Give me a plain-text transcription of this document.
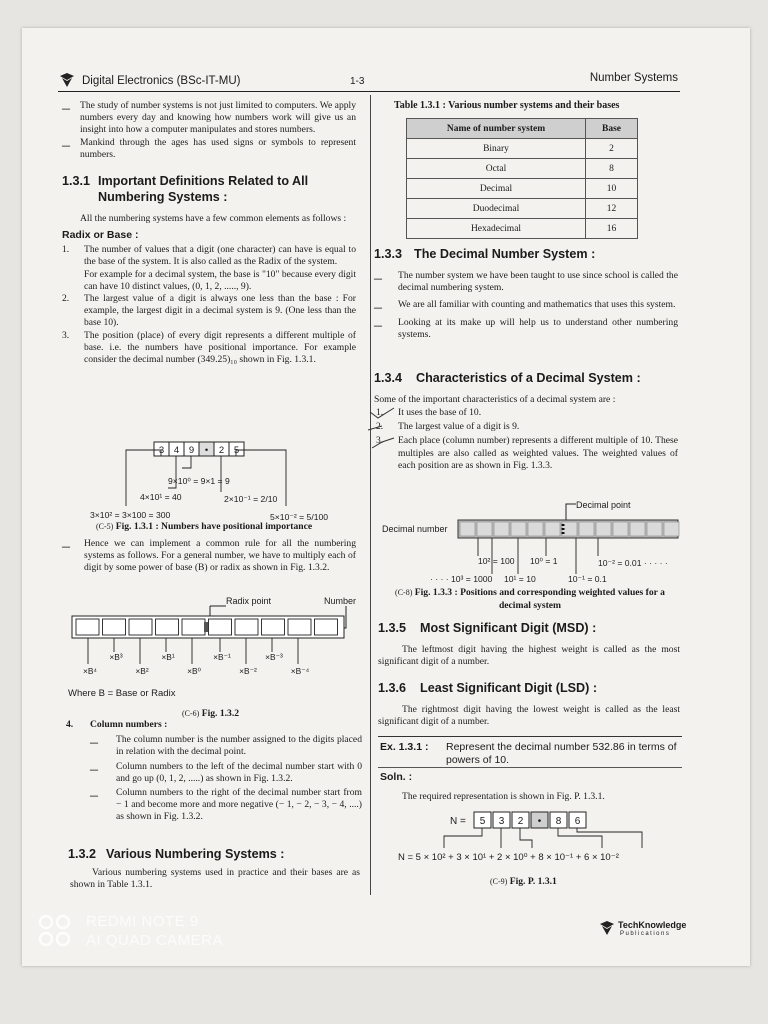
Digital Electronics (BSc-IT-MU)	1-3	Number Systems
– The study of number systems is not just limited to computers. We apply numbers every day and knowing how numbers work will give us an insight into how a computer manipulates and stores numbers.

– Mankind through the ages has used signs or symbols to represent numbers.

1.3.1 Important Definitions Related to All Numbering Systems :

All the numbering systems have a few common elements as follows :

Radix or Base :

1. The number of values that a digit (one character) can have is equal to the base of the system. It is also called as the Radix of the system.

For example for a decimal system, the base is "10" because every digit can have 10 distinct values, (0, 1, 2, ....., 9).

2. The largest value of a digit is always one less than the base : For example, the largest digit in a decimal system is 9. (One less than the base 10).

3. The position (place) of every digit represents a different multiple of base. i.e. the numbers have positional importance. For example consider the decimal number (349.25)₁₀ shown in Fig. 1.3.1.

3 4 9 • 2 5
9×10⁰ = 9×1 = 9
4×10¹ = 40	2×10⁻¹ = 2/10
3×10² = 3×100 = 300	5×10⁻² = 5/100

(C-5) Fig. 1.3.1 : Numbers have positional importance

– Hence we can implement a common rule for all the numbering systems as follows. For a general number, we have to multiply each of digit by some power of base (B) or radix as shown in Fig. 1.3.2.

Radix point	Number
×B⁴
×B³
×B²
×B¹
×B⁰
×B⁻¹
×B⁻²
×B⁻³
×B⁻⁴

Where B = Base or Radix

(C-6) Fig. 1.3.2

4. Column numbers :

– The column number is the number assigned to the digits placed in relation with the decimal point.

– Column numbers to the left of the decimal number start with 0 and go up (0, 1, 2, .....) as shown in Fig. 1.3.2.

– Column numbers to the right of the decimal number start from − 1 and become more and more negative (− 1, − 2, − 3, − 4, ....) as shown in Fig. 1.3.2.

1.3.2 Various Numbering Systems :

Various numbering systems used in practice and their bases are as shown in Table 1.3.1.

Table 1.3.1 : Various number systems and their bases

Name of number system	Base
Binary	2
Octal	8
Decimal	10
Duodecimal	12
Hexadecimal	16
1.3.3 The Decimal Number System :
– The number system we have been taught to use since school is called the decimal numbering system.

– We are all familiar with counting and mathematics that uses this system.

– Looking at its make up will help us to understand other numbering systems.

1.3.4	Characteristics of a Decimal System :

Some of the important characteristics of a decimal system are :

1. It uses the base of 10.

2. The largest value of a digit is 9.

3. Each place (column number) represents a different multiple of 10. These multiples are also called as weighted values. The weighted values of each position are as shown in Fig. 1.3.3.

Decimal point
Decimal number
10² = 100 10⁰ = 1	10⁻² = 0.01 · · · · ·
· · · · 10³ = 1000 10¹ = 10	10⁻¹ = 0.1

(C-8) Fig. 1.3.3 : Positions and corresponding weighted values for a decimal system

1.3.5	Most Significant Digit (MSD) :

The leftmost digit having the highest weight is called as the most significant digit of a number.

1.3.6	Least Significant Digit (LSD) :

The rightmost digit having the lowest weight is called as the least significant digit of a number.

Ex. 1.3.1 :	Represent the decimal number 532.86 in terms of powers of 10.
Soln. :

The required representation is shown in Fig. P. 1.3.1.

N = 5 3 2 • 8 6
N = 5 × 10² + 3 × 10¹ + 2 × 10⁰ + 8 × 10⁻¹ + 6 × 10⁻²

(C-9) Fig. P. 1.3.1

TechKnowledge
Publications
REDMI NOTE 9
AI QUAD CAMERA
